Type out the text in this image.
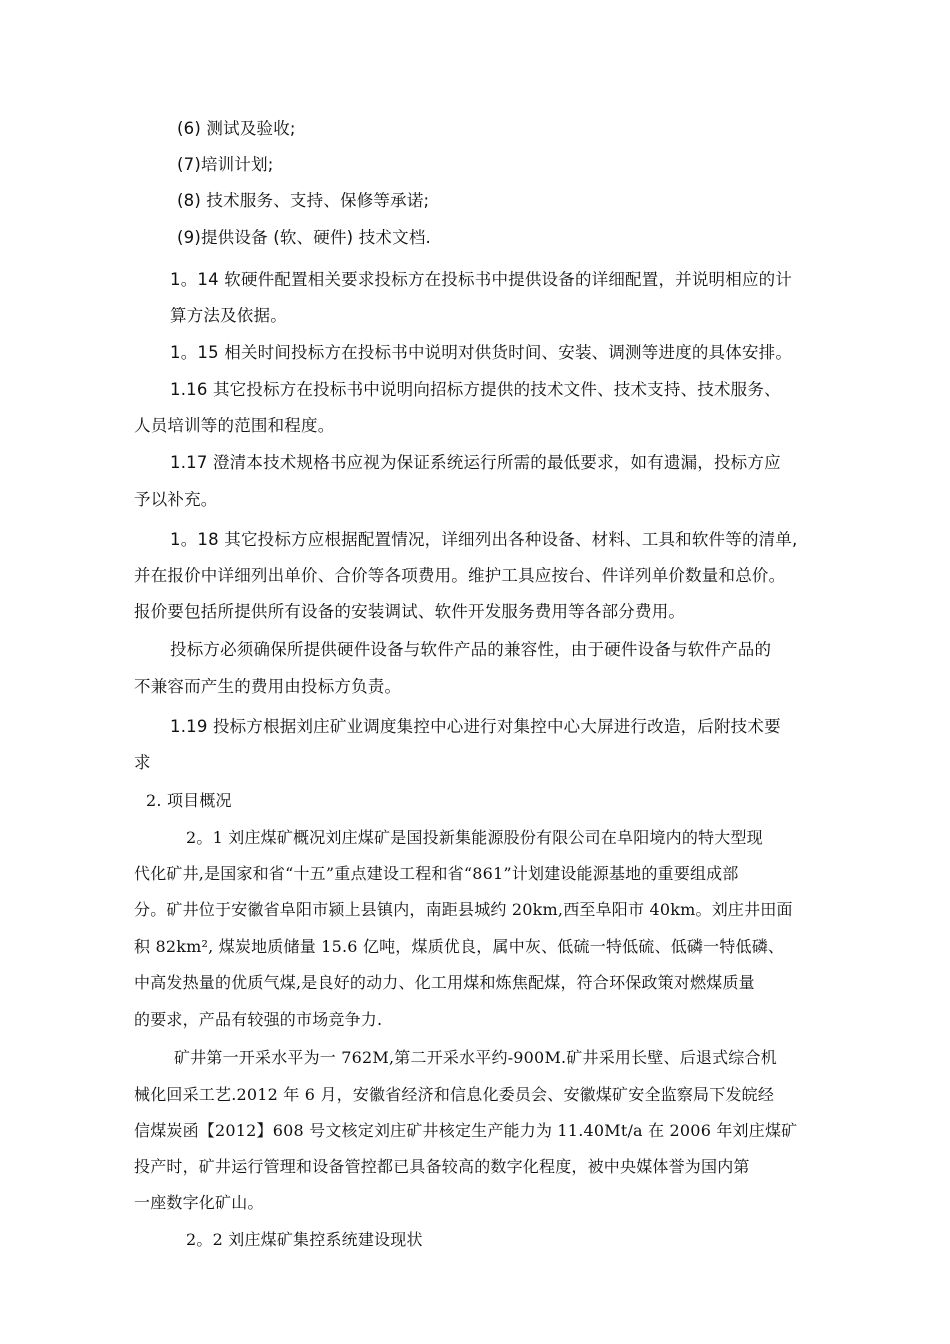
(6) 测试及验收;
(7)培训计划;
(8) 技术服务、支持、保修等承诺;
(9)提供设备 (软、硬件) 技术文档.
1。14 软硬件配置相关要求投标方在投标书中提供设备的详细配置，并说明相应的计
算方法及依据。
1。15 相关时间投标方在投标书中说明对供货时间、安装、调测等进度的具体安排。
1.16 其它投标方在投标书中说明向招标方提供的技术文件、技术支持、技术服务、
人员培训等的范围和程度。
1.17 澄清本技术规格书应视为保证系统运行所需的最低要求，如有遗漏，投标方应
予以补充。
1。18 其它投标方应根据配置情况，详细列出各种设备、材料、工具和软件等的清单,
并在报价中详细列出单价、合价等各项费用。维护工具应按台、件详列单价数量和总价。
报价要包括所提供所有设备的安装调试、软件开发服务费用等各部分费用。
投标方必须确保所提供硬件设备与软件产品的兼容性，由于硬件设备与软件产品的
不兼容而产生的费用由投标方负责。
1.19 投标方根据刘庄矿业调度集控中心进行对集控中心大屏进行改造，后附技术要
求
2. 项目概况
2。1 刘庄煤矿概况刘庄煤矿是国投新集能源股份有限公司在阜阳境内的特大型现
代化矿井,是国家和省“十五”重点建设工程和省“861”计划建设能源基地的重要组成部
分。矿井位于安徽省阜阳市颍上县镇内，南距县城约 20km,西至阜阳市 40km。刘庄井田面
积 82km², 煤炭地质储量 15.6 亿吨，煤质优良，属中灰、低硫一特低硫、低磷一特低磷、
中高发热量的优质气煤,是良好的动力、化工用煤和炼焦配煤，符合环保政策对燃煤质量
的要求，产品有较强的市场竞争力.
矿井第一开采水平为一 762M,第二开采水平约-900M.矿井采用长壁、后退式综合机
械化回采工艺.2012 年 6 月，安徽省经济和信息化委员会、安徽煤矿安全监察局下发皖经
信煤炭函【2012】608 号文核定刘庄矿井核定生产能力为 11.40Mt/a 在 2006 年刘庄煤矿
投产时，矿井运行管理和设备管控都已具备较高的数字化程度，被中央媒体誉为国内第
一座数字化矿山。
2。2 刘庄煤矿集控系统建设现状
